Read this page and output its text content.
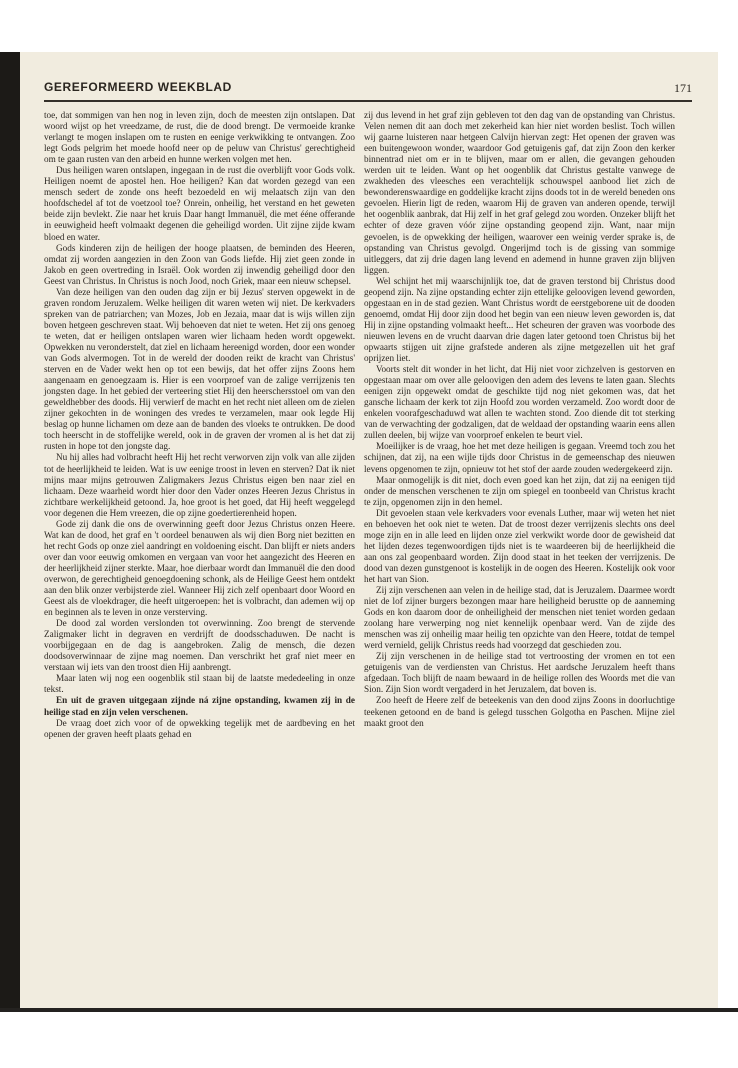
GEREFORMEERD WEEKBLAD	171

toe, dat sommigen van hen nog in leven zijn, doch de meesten zijn ontslapen. Dat woord wijst op het vreedzame, de rust, die de dood brengt. De vermoeide kranke verlangt te mogen inslapen om te rusten en eenige verkwikking te ontvangen. Zoo legt Gods pelgrim het moede hoofd neer op de peluw van Christus' gerechtigheid om te gaan rusten van den arbeid en hunne werken volgen met hen.

Dus heiligen waren ontslapen, ingegaan in de rust die overblijft voor Gods volk. Heiligen noemt de apostel hen. Hoe heiligen? Kan dat worden gezegd van een mensch sedert de zonde ons heeft bezoedeld en wij melaatsch zijn van den hoofdschedel af tot de voetzool toe? Onrein, onheilig, het verstand en het geweten beide zijn bevlekt. Zie naar het kruis Daar hangt Immanuël, die met ééne offerande in eeuwigheid heeft volmaakt degenen die geheiligd worden. Uit zijne zijde kwam bloed en water.

Gods kinderen zijn de heiligen der hooge plaatsen, de beminden des Heeren, omdat zij worden aangezien in den Zoon van Gods liefde. Hij ziet geen zonde in Jakob en geen overtreding in Israël. Ook worden zij inwendig geheiligd door den Geest van Christus. In Christus is noch Jood, noch Griek, maar een nieuw schepsel.

Van deze heiligen van den ouden dag zijn er bij Jezus' sterven opgewekt in de graven rondom Jeruzalem. Welke heiligen dit waren weten wij niet. De kerkvaders spreken van de patriarchen; van Mozes, Job en Jezaia, maar dat is wijs willen zijn boven hetgeen geschreven staat. Wij behoeven dat niet te weten. Het zij ons genoeg te weten, dat er heiligen ontslapen waren wier lichaam heden wordt opgewekt. Opwekken nu veronderstelt, dat ziel en lichaam hereenigd worden, door een wonder van Gods alvermogen. Tot in de wereld der dooden reikt de kracht van Christus' sterven en de Vader wekt hen op tot een bewijs, dat het offer zijns Zoons hem aangenaam en genoegzaam is. Hier is een voorproef van de zalige verrijzenis ten jongsten dage. In het gebied der verteering stiet Hij den heerschersstoel om van den geweldhebber des doods. Hij verwierf de macht en het recht niet alleen om de zielen zijner gekochten in de woningen des vredes te verzamelen, maar ook legde Hij beslag op hunne lichamen om deze aan de banden des vloeks te ontrukken. De dood toch heerscht in de stoffelijke wereld, ook in de graven der vromen al is het dat zij rusten in hope tot den jongste dag.

Nu hij alles had volbracht heeft Hij het recht verworven zijn volk van alle zijden tot de heerlijkheid te leiden. Wat is uw eenige troost in leven en sterven? Dat ik niet mijns maar mijns getrouwen Zaligmakers Jezus Christus eigen ben naar ziel en lichaam. Deze waarheid wordt hier door den Vader onzes Heeren Jezus Christus in zichtbare werkelijkheid getoond. Ja, hoe groot is het goed, dat Hij heeft weggelegd voor degenen die Hem vreezen, die op zijne goedertierenheid hopen.

Gode zij dank die ons de overwinning geeft door Jezus Christus onzen Heere. Wat kan de dood, het graf en 't oordeel benauwen als wij dien Borg niet bezitten en het recht Gods op onze ziel aandringt en voldoening eischt. Dan blijft er niets anders over dan voor eeuwig omkomen en vergaan van voor het aangezicht des Heeren en der heerlijkheid zijner sterkte. Maar, hoe dierbaar wordt dan Immanuël die den dood overwon, de gerechtigheid genoegdoening schonk, als de Heilige Geest hem ontdekt aan den blik onzer verbijsterde ziel. Wanneer Hij zich zelf openbaart door Woord en Geest als de vloekdrager, die heeft uitgeroepen: het is volbracht, dan ademen wij op en beginnen als te leven in onze versterving.

De dood zal worden verslonden tot overwinning. Zoo brengt de stervende Zaligmaker licht in degraven en verdrijft de doodsschaduwen. De nacht is voorbijgegaan en de dag is aangebroken. Zalig de mensch, die dezen doodsoverwinnaar de zijne mag noemen. Dan verschrikt het graf niet meer en verstaan wij iets van den troost dien Hij aanbrengt.

Maar laten wij nog een oogenblik stil staan bij de laatste mededeeling in onze tekst.

En uit de graven uitgegaan zijnde ná zijne opstanding, kwamen zij in de heilige stad en zijn velen verschenen.

De vraag doet zich voor of de opwekking tegelijk met de aardbeving en het openen der graven heeft plaats gehad en

zij dus levend in het graf zijn gebleven tot den dag van de opstanding van Christus. Velen nemen dit aan doch met zekerheid kan hier niet worden beslist. Toch willen wij gaarne luisteren naar hetgeen Calvijn hiervan zegt: Het openen der graven was een buitengewoon wonder, waardoor God getuigenis gaf, dat zijn Zoon den kerker binnentrad niet om er in te blijven, maar om er allen, die gevangen gehouden werden uit te leiden. Want op het oogenblik dat Christus gestalte vanwege de zwakheden des vleesches een verachtelijk schouwspel aanbood liet zich de bewonderenswaardige en goddelijke kracht zijns doods tot in de wereld beneden ons gevoelen. Hierin ligt de reden, waarom Hij de graven van anderen opende, terwijl het oogenblik aanbrak, dat Hij zelf in het graf gelegd zou worden. Onzeker blijft het echter of deze graven vóór zijne opstanding geopend zijn. Want, naar mijn gevoelen, is de opwekking der heiligen, waarover een weinig verder sprake is, de opstanding van Christus gevolgd. Ongerijmd toch is de gissing van sommige uitleggers, dat zij drie dagen lang levend en ademend in hunne graven zijn blijven liggen.

Wel schijnt het mij waarschijnlijk toe, dat de graven terstond bij Christus dood geopend zijn. Na zijne opstanding echter zijn ettelijke geloovigen levend geworden, opgestaan en in de stad gezien. Want Christus wordt de eerstgeborene uit de dooden genoemd, omdat Hij door zijn dood het begin van een nieuw leven geworden is, dat Hij in zijne opstanding volmaakt heeft... Het scheuren der graven was voorbode des nieuwen levens en de vrucht daarvan drie dagen later getoond toen Christus bij het opwaarts stijgen uit zijne grafstede anderen als zijne metgezellen uit het graf oprijzen liet.

Voorts stelt dit wonder in het licht, dat Hij niet voor zichzelven is gestorven en opgestaan maar om over alle geloovigen den adem des levens te laten gaan. Slechts eenigen zijn opgewekt omdat de geschikte tijd nog niet gekomen was, dat het gansche lichaam der kerk tot zijn Hoofd zou worden verzameld. Zoo wordt door de enkelen voorafgeschaduwd wat allen te wachten stond. Zoo diende dit tot sterking van de verwachting der godzaligen, dat de weldaad der opstanding waarin eens allen zullen deelen, bij wijze van voorproef enkelen te beurt viel.

Moeilijker is de vraag, hoe het met deze heiligen is gegaan. Vreemd toch zou het schijnen, dat zij, na een wijle tijds door Christus in de gemeenschap des nieuwen levens opgenomen te zijn, opnieuw tot het stof der aarde zouden wedergekeerd zijn.

Maar onmogelijk is dit niet, doch even goed kan het zijn, dat zij na eenigen tijd onder de menschen verschenen te zijn om spiegel en toonbeeld van Christus kracht te zijn, opgenomen zijn in den hemel.

Dit gevoelen staan vele kerkvaders voor evenals Luther, maar wij weten het niet en behoeven het ook niet te weten. Dat de troost dezer verrijzenis slechts ons deel moge zijn en in alle leed en lijden onze ziel verkwikt worde door de gewisheid dat het lijden dezes tegenwoordigen tijds niet is te waardeeren bij de heerlijkheid die aan ons zal geopenbaard worden. Zijn dood staat in het teeken der verrijzenis. De dood van dezen gunstgenoot is kostelijk in de oogen des Heeren. Kostelijk ook voor het hart van Sion.

Zij zijn verschenen aan velen in de heilige stad, dat is Jeruzalem. Daarmee wordt niet de lof zijner burgers bezongen maar hare heiligheid berustte op de aanneming Gods en kon daarom door de onheiligheid der menschen niet teniet worden gedaan zoolang hare verwerping nog niet kennelijk openbaar werd. Van de zijde des menschen was zij onheilig maar heilig ten opzichte van den Heere, totdat de tempel werd vernield, gelijk Christus reeds had voorzegd dat geschieden zou.

Zij zijn verschenen in de heilige stad tot vertroosting der vromen en tot een getuigenis van de verdiensten van Christus. Het aardsche Jeruzalem heeft thans afgedaan. Toch blijft de naam bewaard in de heilige rollen des Woords met die van Sion. Zijn Sion wordt vergaderd in het Jeruzalem, dat boven is.

Zoo heeft de Heere zelf de beteekenis van den dood zijns Zoons in doorluchtige teekenen getoond en de band is gelegd tusschen Golgotha en Paschen. Mijne ziel maakt groot den
